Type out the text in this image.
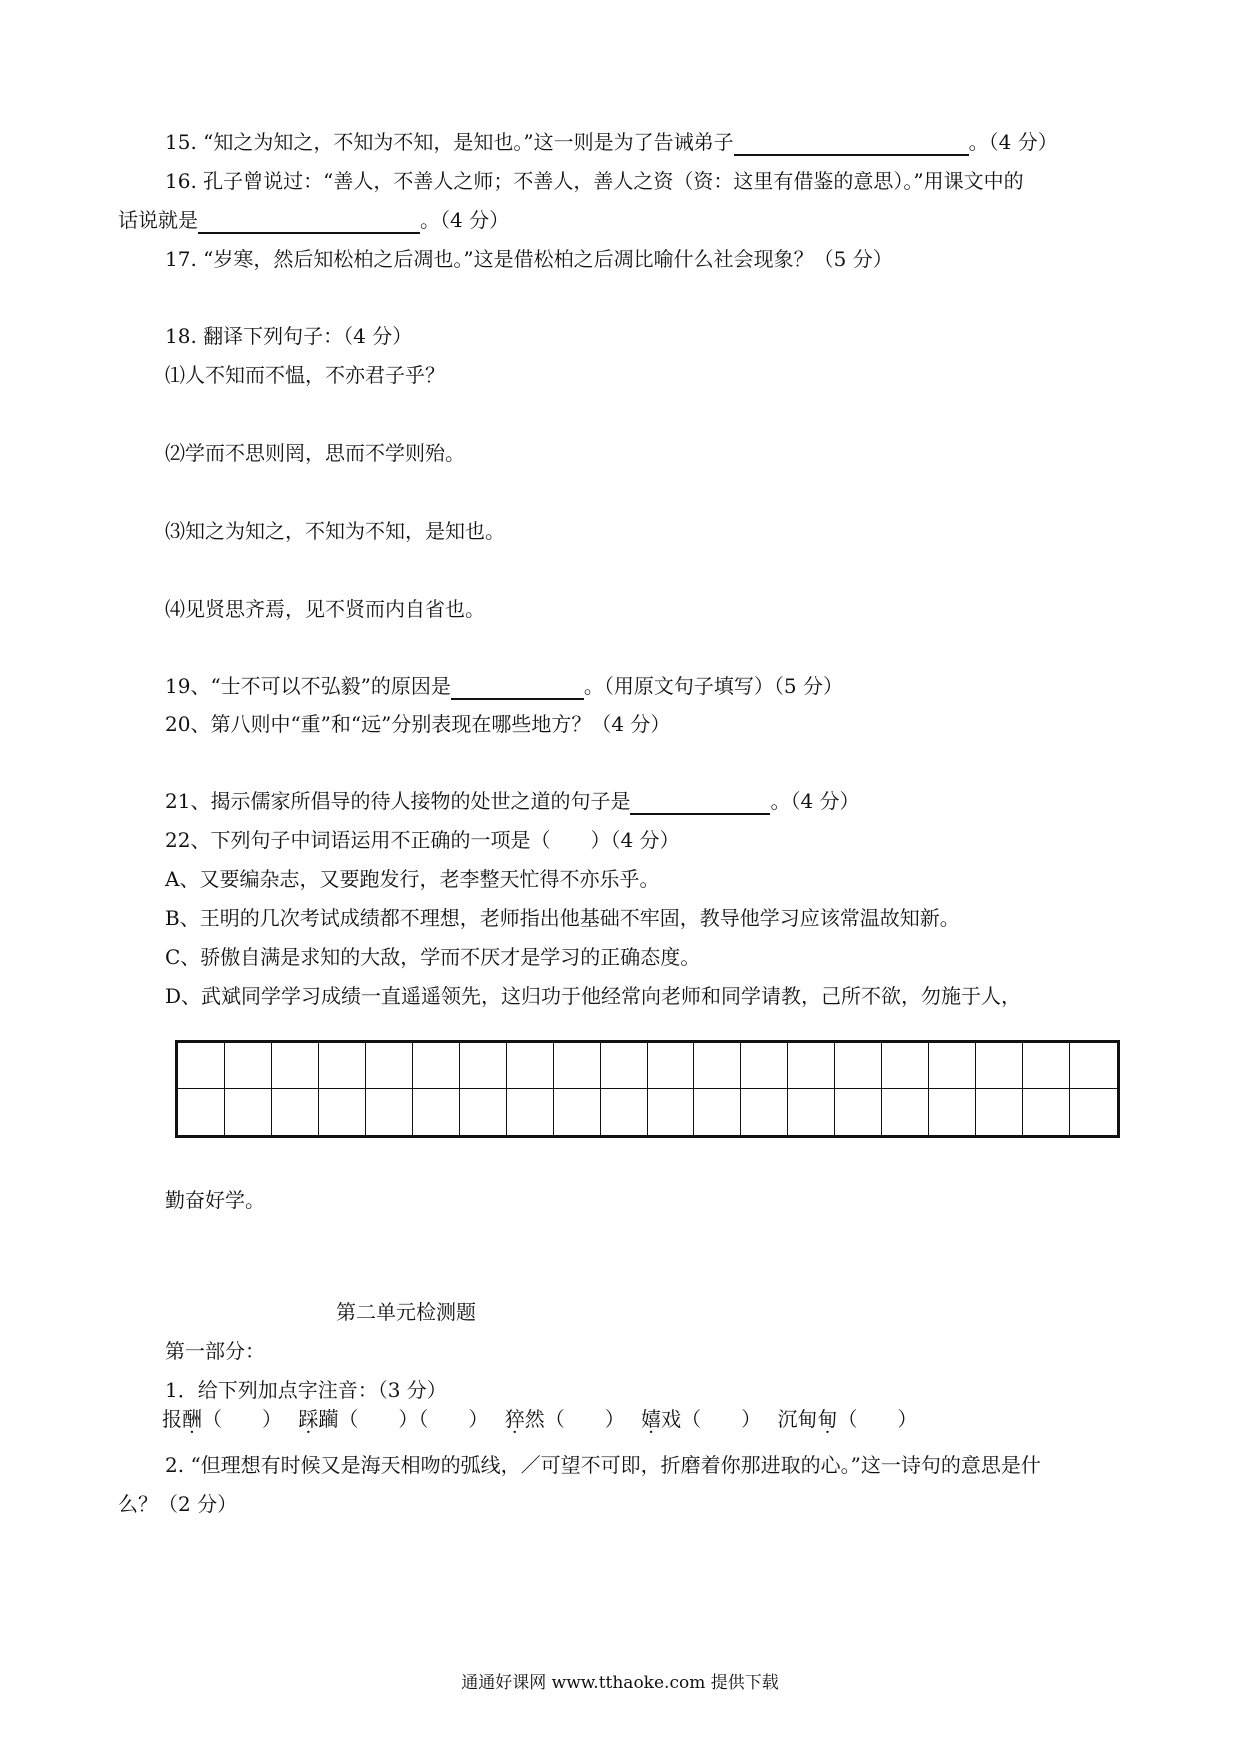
15. “知之为知之，不知为不知，是知也。”这一则是为了告诫弟子	。（4 分）
16. 孔子曾说过：“善人，不善人之师；不善人，善人之资（资：这里有借鉴的意思）。”用课文中的
话说就是	。（4 分）
17. “岁寒，然后知松柏之后凋也。”这是借松柏之后凋比喻什么社会现象？（5 分）
18. 翻译下列句子：（4 分）
⑴人不知而不愠，不亦君子乎？
⑵学而不思则罔，思而不学则殆。
⑶知之为知之，不知为不知，是知也。
⑷见贤思齐焉，见不贤而内自省也。
19、“士不可以不弘毅”的原因是	。（用原文句子填写）（5 分）
20、第八则中“重”和“远”分别表现在哪些地方？（4 分）
21、揭示儒家所倡导的待人接物的处世之道的句子是	。（4 分）
22、下列句子中词语运用不正确的一项是（　　）（4 分）
A、又要编杂志，又要跑发行，老李整天忙得不亦乐乎。
B、王明的几次考试成绩都不理想，老师指出他基础不牢固，教导他学习应该常温故知新。
C、骄傲自满是求知的大敌，学而不厌才是学习的正确态度。
D、武斌同学学习成绩一直遥遥领先，这归功于他经常向老师和同学请教，己所不欲，勿施于人，
勤奋好学。
第二单元检测题
第一部分：
1．给下列加点字注音：（3 分）
报酬（　　）　 踩躏（　　）（　　）　 猝然（　　）　 嬉戏（　　）　 沉甸甸（　　）
2. “但理想有时候又是海天相吻的弧线，／可望不可即，折磨着你那进取的心。”这一诗句的意思是什
么？（2 分）
通通好课网 www.tthaoke.com 提供下载
